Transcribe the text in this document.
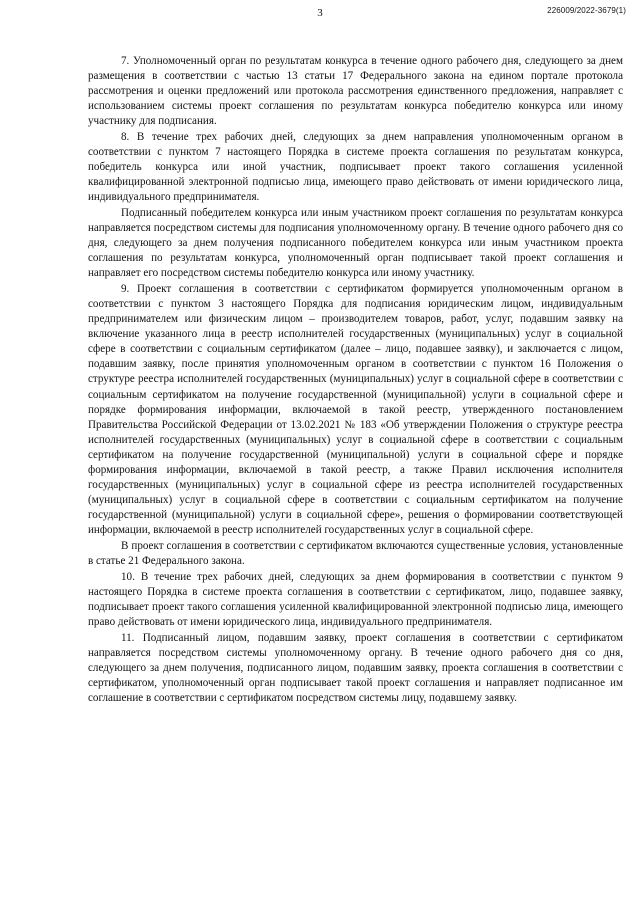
3	226009/2022-3679(1)

7. Уполномоченный орган по результатам конкурса в течение одного рабочего дня, следующего за днем размещения в соответствии с частью 13 статьи 17 Федерального закона на едином портале протокола рассмотрения и оценки предложений или протокола рассмотрения единственного предложения, направляет с использованием системы проект соглашения по результатам конкурса победителю конкурса или иному участнику для подписания.

8. В течение трех рабочих дней, следующих за днем направления уполномоченным органом в соответствии с пунктом 7 настоящего Порядка в системе проекта соглашения по результатам конкурса, победитель конкурса или иной участник, подписывает проект такого соглашения усиленной квалифицированной электронной подписью лица, имеющего право действовать от имени юридического лица, индивидуального предпринимателя.

Подписанный победителем конкурса или иным участником проект соглашения по результатам конкурса направляется посредством системы для подписания уполномоченному органу. В течение одного рабочего дня со дня, следующего за днем получения подписанного победителем конкурса или иным участником проекта соглашения по результатам конкурса, уполномоченный орган подписывает такой проект соглашения и направляет его посредством системы победителю конкурса или иному участнику.

9. Проект соглашения в соответствии с сертификатом формируется уполномоченным органом в соответствии с пунктом 3 настоящего Порядка для подписания юридическим лицом, индивидуальным предпринимателем или физическим лицом – производителем товаров, работ, услуг, подавшим заявку на включение указанного лица в реестр исполнителей государственных (муниципальных) услуг в социальной сфере в соответствии с социальным сертификатом (далее – лицо, подавшее заявку), и заключается с лицом, подавшим заявку, после принятия уполномоченным органом в соответствии с пунктом 16 Положения о структуре реестра исполнителей государственных (муниципальных) услуг в социальной сфере в соответствии с социальным сертификатом на получение государственной (муниципальной) услуги в социальной сфере и порядке формирования информации, включаемой в такой реестр, утвержденного постановлением Правительства Российской Федерации от 13.02.2021 № 183 «Об утверждении Положения о структуре реестра исполнителей государственных (муниципальных) услуг в социальной сфере в соответствии с социальным сертификатом на получение государственной (муниципальной) услуги в социальной сфере и порядке формирования информации, включаемой в такой реестр, а также Правил исключения исполнителя государственных (муниципальных) услуг в социальной сфере из реестра исполнителей государственных (муниципальных) услуг в социальной сфере в соответствии с социальным сертификатом на получение государственной (муниципальной) услуги в социальной сфере», решения о формировании соответствующей информации, включаемой в реестр исполнителей государственных услуг в социальной сфере.

В проект соглашения в соответствии с сертификатом включаются существенные условия, установленные в статье 21 Федерального закона.

10. В течение трех рабочих дней, следующих за днем формирования в соответствии с пунктом 9 настоящего Порядка в системе проекта соглашения в соответствии с сертификатом, лицо, подавшее заявку, подписывает проект такого соглашения усиленной квалифицированной электронной подписью лица, имеющего право действовать от имени юридического лица, индивидуального предпринимателя.

11. Подписанный лицом, подавшим заявку, проект соглашения в соответствии с сертификатом направляется посредством системы уполномоченному органу. В течение одного рабочего дня со дня, следующего за днем получения, подписанного лицом, подавшим заявку, проекта соглашения в соответствии с сертификатом, уполномоченный орган подписывает такой проект соглашения и направляет подписанное им соглашение в соответствии с сертификатом посредством системы лицу, подавшему заявку.
